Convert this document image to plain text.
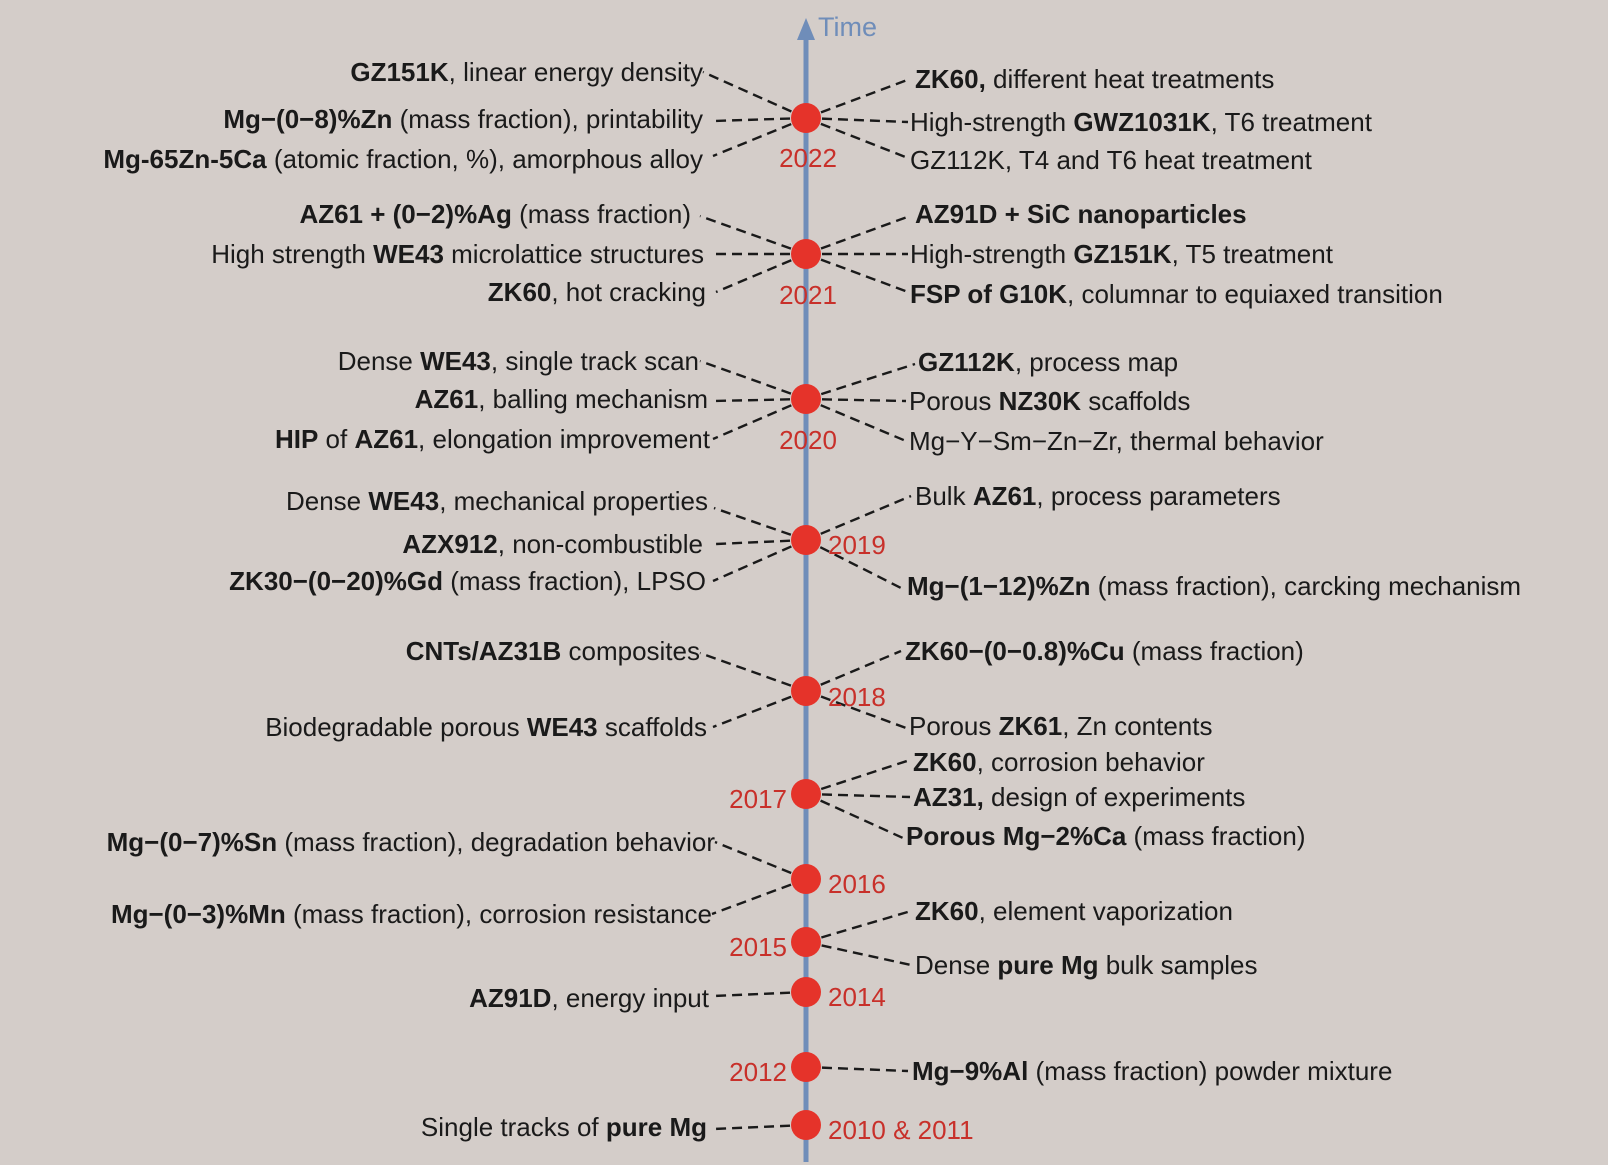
Time
GZ151K, linear energy density
Mg−(0−8)%Zn (mass fraction), printability
Mg-65Zn-5Ca (atomic fraction, %), amorphous alloy
ZK60, different heat treatments
High-strength GWZ1031K, T6 treatment
GZ112K, T4 and T6 heat treatment
AZ61 + (0−2)%Ag (mass fraction)
High strength WE43 microlattice structures
ZK60, hot cracking
AZ91D + SiC nanoparticles
High-strength GZ151K, T5 treatment
FSP of G10K, columnar to equiaxed transition
Dense WE43, single track scan
AZ61, balling mechanism
HIP of AZ61, elongation improvement
GZ112K, process map
Porous NZ30K scaffolds
Mg−Y−Sm−Zn−Zr, thermal behavior
Dense WE43, mechanical properties
AZX912, non-combustible
ZK30−(0−20)%Gd (mass fraction), LPSO
Bulk AZ61, process parameters
Mg−(1−12)%Zn (mass fraction), carcking mechanism
CNTs/AZ31B composites
Biodegradable porous WE43 scaffolds
ZK60−(0−0.8)%Cu (mass fraction)
Porous ZK61, Zn contents
ZK60, corrosion behavior
AZ31, design of experiments
Porous Mg−2%Ca (mass fraction)
Mg−(0−7)%Sn (mass fraction), degradation behavior
Mg−(0−3)%Mn (mass fraction), corrosion resistance	ZK60, element vaporization
Dense pure Mg bulk samples
AZ91D, energy input
Mg−9%Al (mass fraction) powder mixture
Single tracks of pure Mg
2022
2021
2020
2019
2018
2017
2016
2015
2014
2012
2010 & 2011
